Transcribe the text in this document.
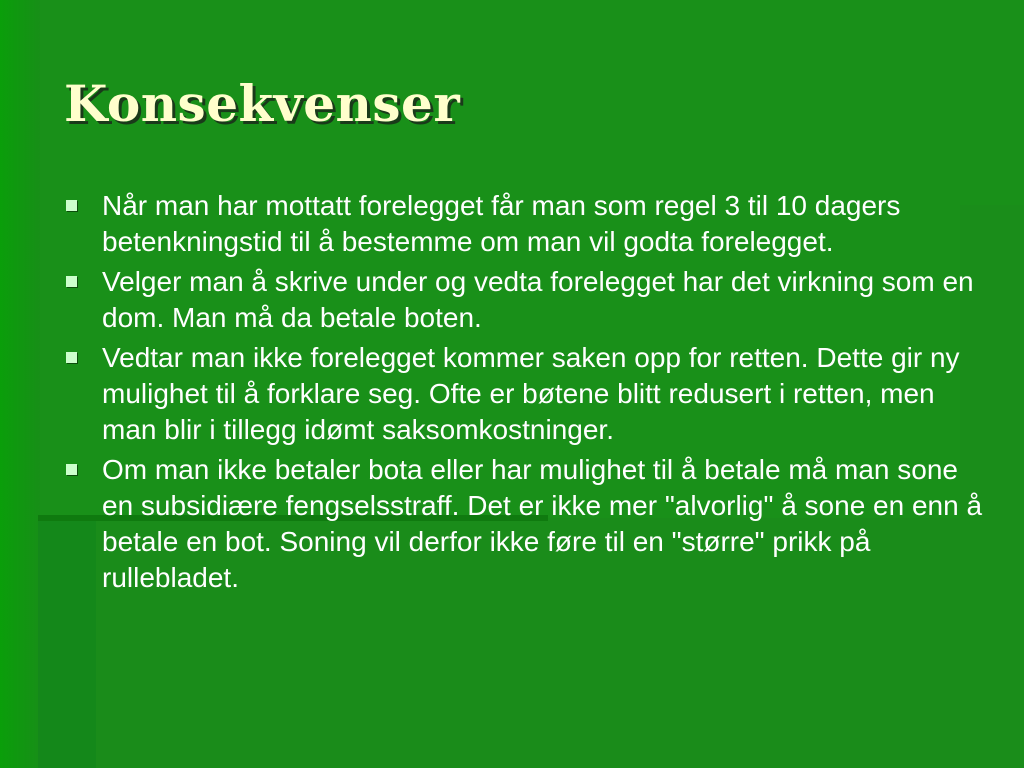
Konsekvenser
Når man har mottatt forelegget får man som regel 3 til 10 dagers betenkningstid til å bestemme om man vil godta forelegget.
Velger man å skrive under og vedta forelegget har det virkning som en dom. Man må da betale boten.
Vedtar man ikke forelegget kommer saken opp for retten. Dette gir ny mulighet til å forklare seg. Ofte er bøtene blitt redusert i retten, men man blir i tillegg idømt saksomkostninger.
Om man ikke betaler bota eller har mulighet til å betale må man sone en subsidiære fengselsstraff. Det er ikke mer "alvorlig" å sone en enn å betale en bot. Soning vil derfor ikke føre til en "større" prikk på rullebladet.
